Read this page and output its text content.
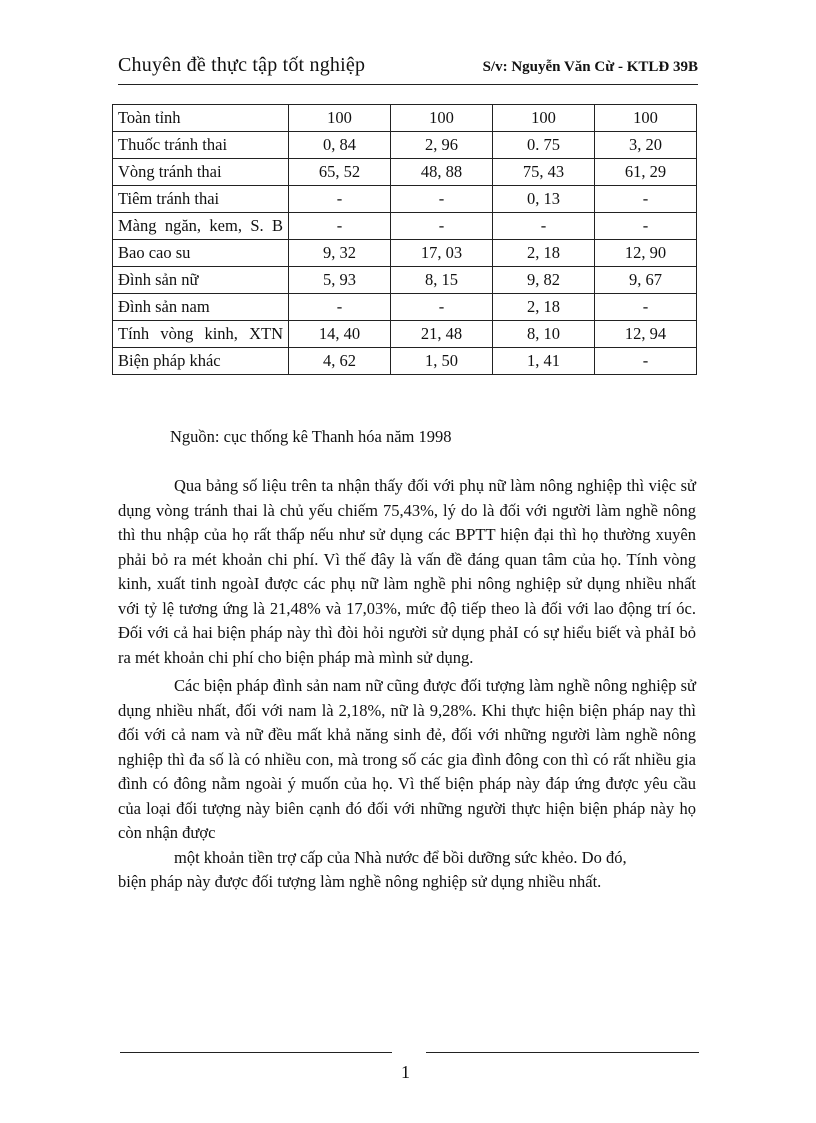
Chuyên đề thực tập tốt nghiệp	S/v: Nguyễn Văn Cừ - KTLĐ 39B
Toàn tỉnh	100	100	100	100
Thuốc tránh thai	0, 84	2, 96	0. 75	3, 20
Vòng tránh thai	65, 52	48, 88	75, 43	61, 29
Tiêm tránh thai	-	-	0, 13	-
Màng ngăn, kem, S. B	-	-	-	-
Bao cao su	9, 32	17, 03	2, 18	12, 90
Đình sản nữ	5, 93	8, 15	9, 82	9, 67
Đình sản nam	-	-	2, 18	-
Tính vòng kinh, XTN	14, 40	21, 48	8, 10	12, 94
Biện pháp khác	4, 62	1, 50	1, 41	-
Nguồn: cục thống kê Thanh hóa năm 1998

Qua bảng số liệu trên ta nhận thấy đối với phụ nữ làm nông nghiệp thì việc sử dụng vòng tránh thai là chủ yếu chiếm 75,43%, lý do là đối với người làm nghề nông thì thu nhập của họ rất thấp nếu như sử dụng các BPTT hiện đại thì họ thường xuyên phải bỏ ra mét khoản chi phí. Vì thế đây là vấn đề đáng quan tâm của họ. Tính vòng kinh, xuất tinh ngoàI được các phụ nữ làm nghề phi nông nghiệp sử dụng nhiều nhất với tỷ lệ tương ứng là 21,48% và 17,03%, mức độ tiếp theo là đối với lao động trí óc. Đối với cả hai biện pháp này thì đòi hỏi người sử dụng phảI có sự hiểu biết và phảI bỏ ra mét khoản chi phí cho biện pháp mà mình sử dụng.

Các biện pháp đình sản nam nữ cũng được đối tượng làm nghề nông nghiệp sử dụng nhiều nhất, đối với nam là 2,18%, nữ là 9,28%. Khi thực hiện biện pháp nay thì đối với cả nam và nữ đều mất khả năng sinh đẻ, đối với những người làm nghề nông nghiệp thì đa số là có nhiều con, mà trong số các gia đình đông con thì có rất nhiều gia đình có đông nằm ngoài ý muốn của họ. Vì thế biện pháp này đáp ứng được yêu cầu của loại đối tượng này biên cạnh đó đối với những người thực hiện biện pháp này họ còn nhận được

một khoản tiền trợ cấp của Nhà nước để bồi dưỡng sức khẻo. Do đó,

biện pháp này được đối tượng làm nghề nông nghiệp sử dụng nhiều nhất.

1
